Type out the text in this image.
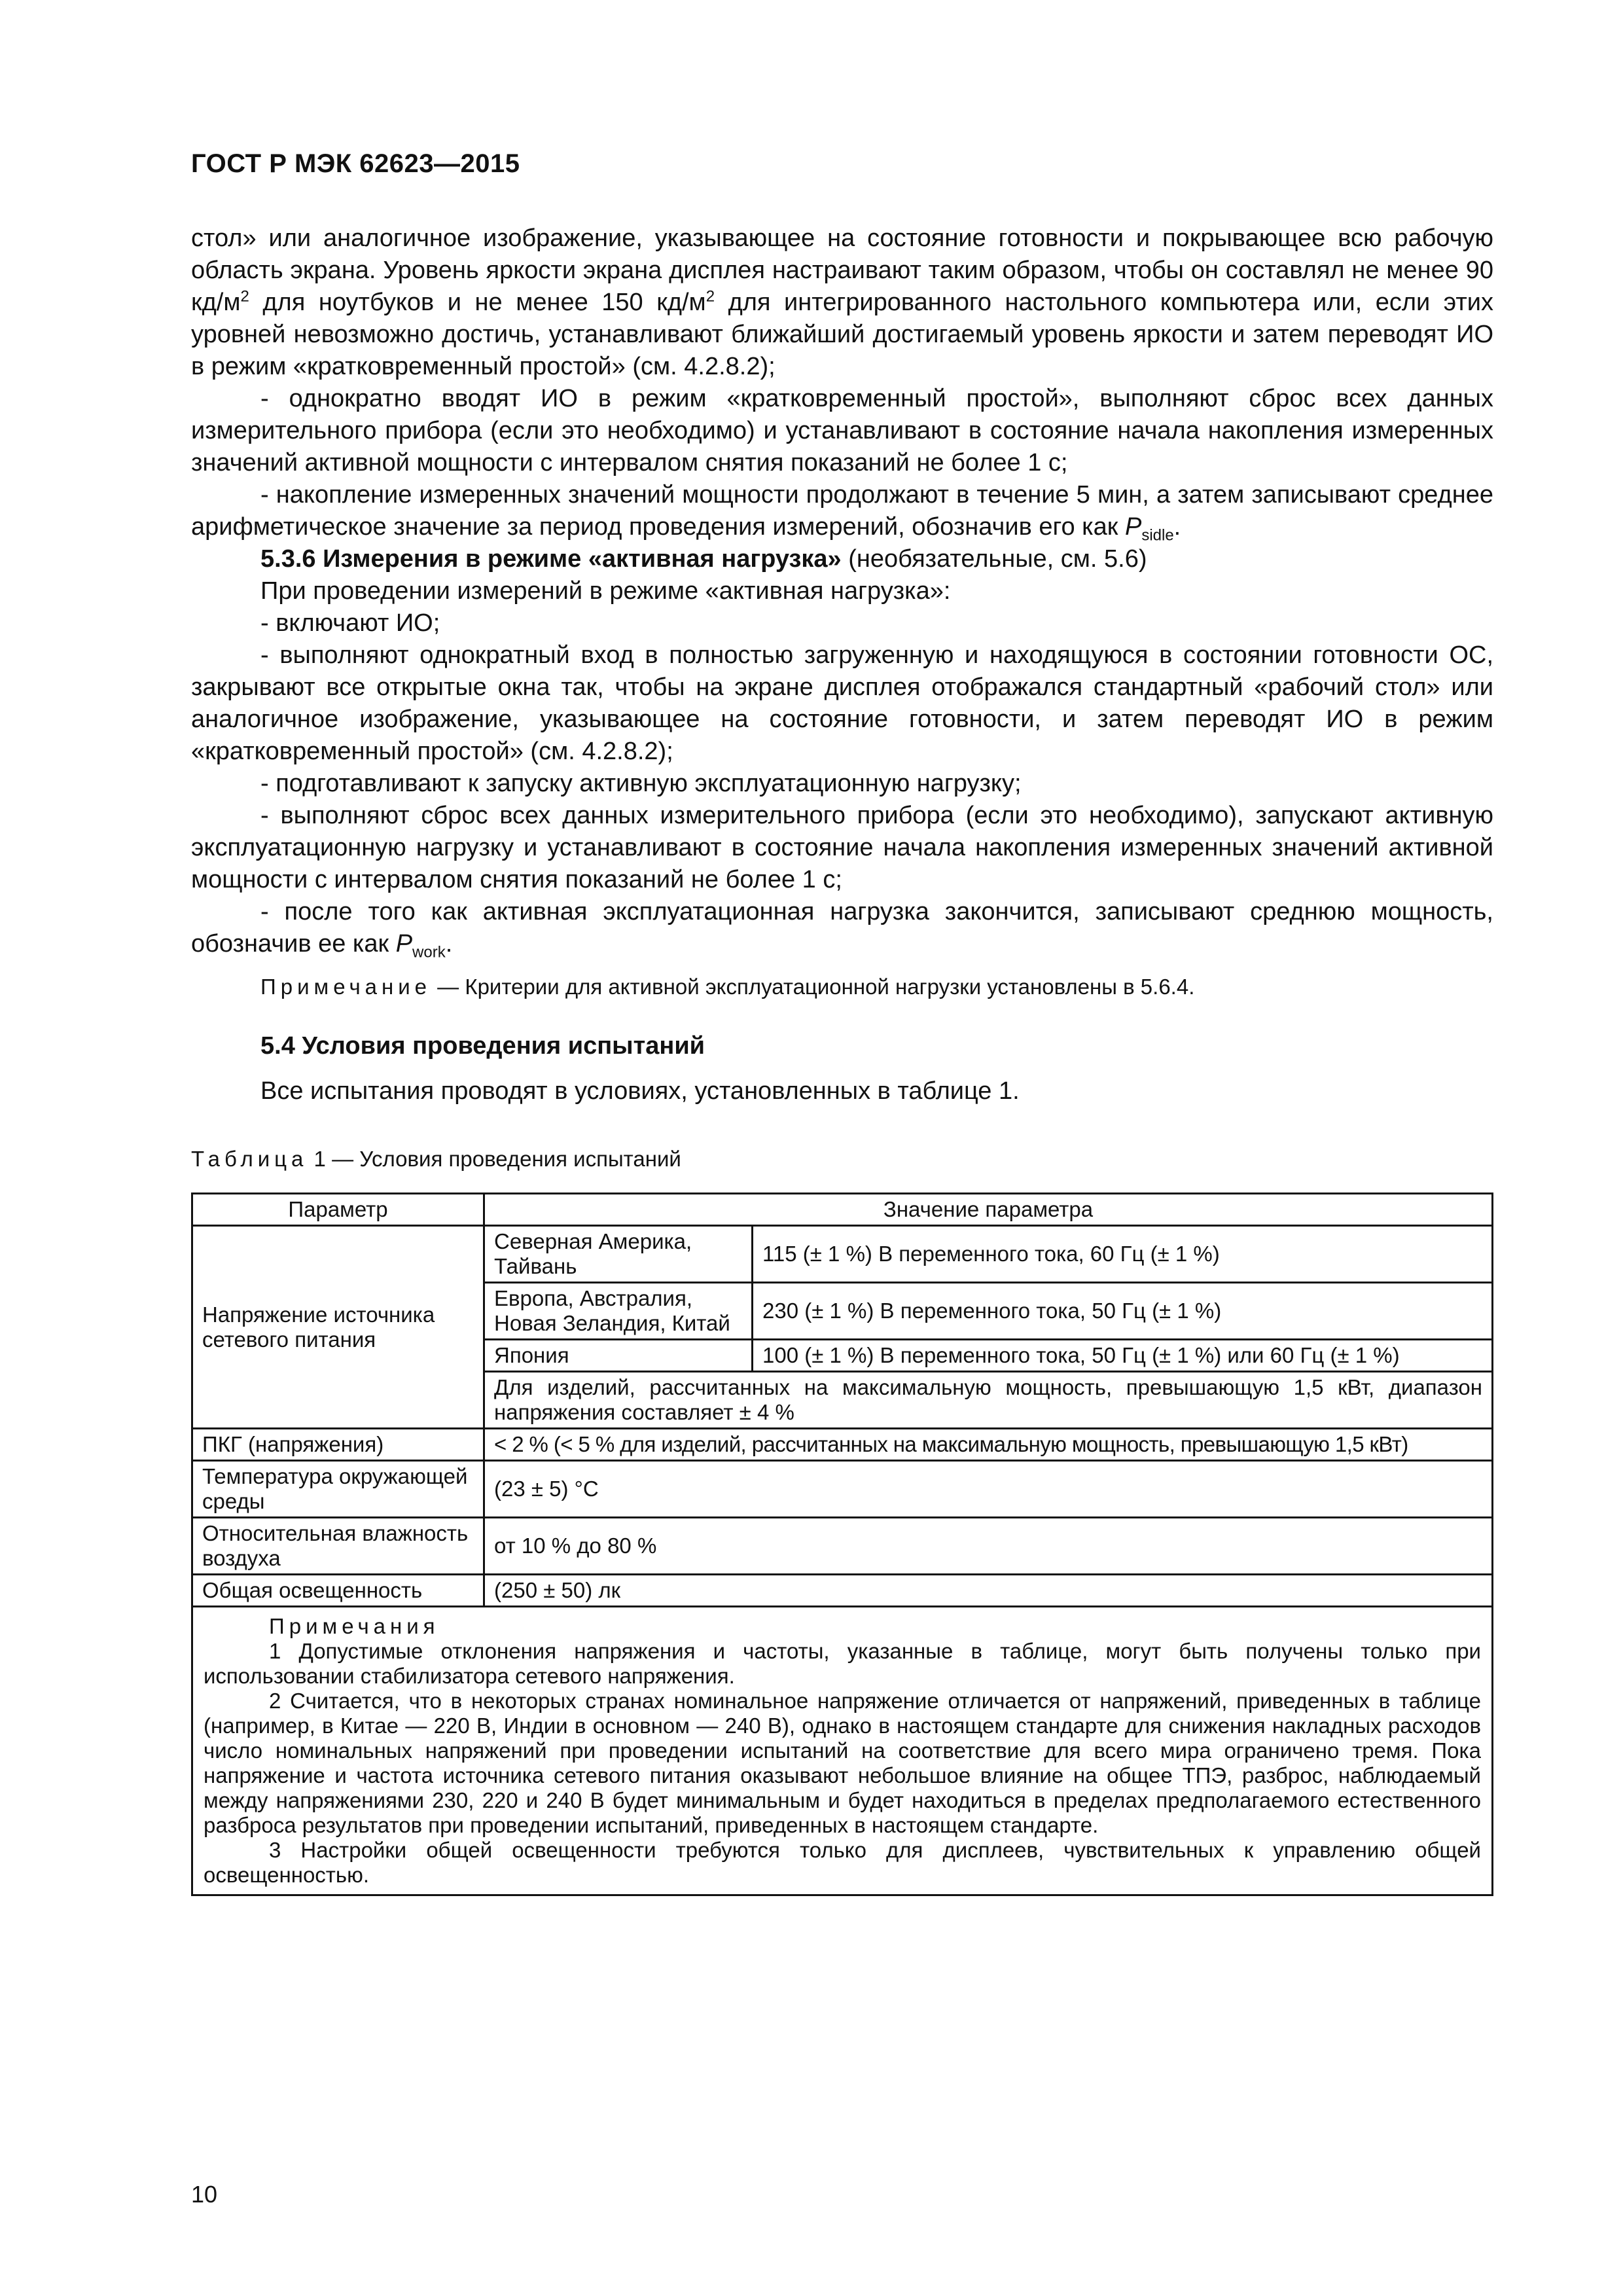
ГОСТ Р МЭК 62623—2015

стол» или аналогичное изображение, указывающее на состояние готовности и покрывающее всю рабочую область экрана. Уровень яркости экрана дисплея настраивают таким образом, чтобы он составлял не менее 90 $кд/м^2$ для ноутбуков и не менее 150 $кд/м^2$ для интегрированного настольного компьютера или, если этих уровней невозможно достичь, устанавливают ближайший достигаемый уровень яркости и затем переводят ИО в режим «кратковременный простой» (см. 4.2.8.2);

- однократно вводят ИО в режим «кратковременный простой», выполняют сброс всех данных измерительного прибора (если это необходимо) и устанавливают в состояние начала накопления измеренных значений активной мощности с интервалом снятия показаний не более 1 с;

- накопление измеренных значений мощности продолжают в течение 5 мин, а затем записывают среднее арифметическое значение за период проведения измерений, обозначив его как $P_{sidle}$.

5.3.6 Измерения в режиме «активная нагрузка» (необязательные, см. 5.6)

При проведении измерений в режиме «активная нагрузка»:

- включают ИО;

- выполняют однократный вход в полностью загруженную и находящуюся в состоянии готовности ОС, закрывают все открытые окна так, чтобы на экране дисплея отображался стандартный «рабочий стол» или аналогичное изображение, указывающее на состояние готовности, и затем переводят ИО в режим «кратковременный простой» (см. 4.2.8.2);

- подготавливают к запуску активную эксплуатационную нагрузку;

- выполняют сброс всех данных измерительного прибора (если это необходимо), запускают активную эксплуатационную нагрузку и устанавливают в состояние начала накопления измеренных значений активной мощности с интервалом снятия показаний не более 1 с;

- после того как активная эксплуатационная нагрузка закончится, записывают среднюю мощность, обозначив ее как $P_{work}$.

Примечание — Критерии для активной эксплуатационной нагрузки установлены в 5.6.4.

5.4 Условия проведения испытаний

Все испытания проводят в условиях, установленных в таблице 1.

Таблица 1 — Условия проведения испытаний
Параметр	Значение параметра	
Напряжение источника сетевого питания	Северная Америка, Тайвань	115 (± 1 %) В переменного тока, 60 Гц (± 1 %)
	Европа, Австралия, Новая Зеландия, Китай	230 (± 1 %) В переменного тока, 50 Гц (± 1 %)
	Япония	100 (± 1 %) В переменного тока, 50 Гц (± 1 %) или 60 Гц (± 1 %)
	Для изделий, рассчитанных на максимальную мощность, превышающую 1,5 кВт, диапазон напряжения составляет ± 4 %	
ПКГ (напряжения)	< 2 % (< 5 % для изделий, рассчитанных на максимальную мощность, превышающую 1,5 кВт)	
Температура окружающей среды	(23 ± 5) °C	
Относительная влажность воздуха	от 10 % до 80 %	
Общая освещенность	(250 ± 50) лк	

Примечания

1 Допустимые отклонения напряжения и частоты, указанные в таблице, могут быть получены только при использовании стабилизатора сетевого напряжения.

2 Считается, что в некоторых странах номинальное напряжение отличается от напряжений, приведенных в таблице (например, в Китае — 220 В, Индии в основном — 240 В), однако в настоящем стандарте для снижения накладных расходов число номинальных напряжений при проведении испытаний на соответствие для всего мира ограничено тремя. Пока напряжение и частота источника сетевого питания оказывают небольшое влияние на общее ТПЭ, разброс, наблюдаемый между напряжениями 230, 220 и 240 В будет минимальным и будет находиться в пределах предполагаемого естественного разброса результатов при проведении испытаний, приведенных в настоящем стандарте.

3 Настройки общей освещенности требуются только для дисплеев, чувствительных к управлению общей освещенностью.		

10
